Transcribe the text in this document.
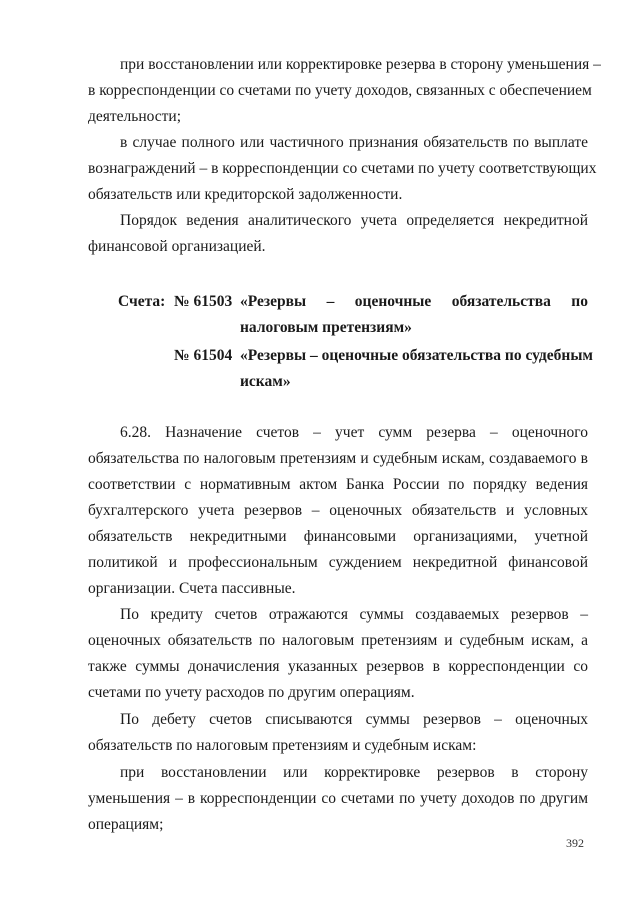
при восстановлении или корректировке резерва в сторону уменьшения –
в корреспонденции со счетами по учету доходов, связанных с обеспечением
деятельности;
в случае полного или частичного признания обязательств по выплате
вознаграждений – в корреспонденции со счетами по учету соответствующих
обязательств или кредиторской задолженности.
Порядок ведения аналитического учета определяется некредитной
финансовой организацией.
Счета: № 61503 «Резервы – оценочные обязательства по
налоговым претензиям»
№ 61504 «Резервы – оценочные обязательства по судебным
искам»
6.28. Назначение счетов – учет сумм резерва – оценочного
обязательства по налоговым претензиям и судебным искам, создаваемого в
соответствии с нормативным актом Банка России по порядку ведения
бухгалтерского учета резервов – оценочных обязательств и условных
обязательств некредитными финансовыми организациями, учетной
политикой и профессиональным суждением некредитной финансовой
организации. Счета пассивные.
По кредиту счетов отражаются суммы создаваемых резервов –
оценочных обязательств по налоговым претензиям и судебным искам, а
также суммы доначисления указанных резервов в корреспонденции со
счетами по учету расходов по другим операциям.
По дебету счетов списываются суммы резервов – оценочных
обязательств по налоговым претензиям и судебным искам:
при восстановлении или корректировке резервов в сторону
уменьшения – в корреспонденции со счетами по учету доходов по другим
операциям;
392
